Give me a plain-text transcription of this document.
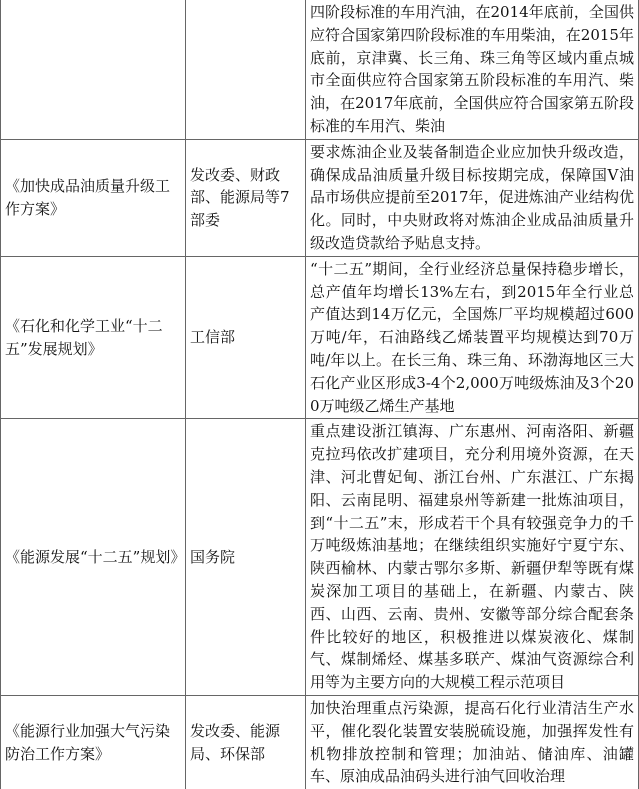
		四阶段标准的车用汽油，在2014年底前，全国供应符合国家第四阶段标准的车用柴油，在2015年底前，京津冀、长三角、珠三角等区域内重点城市全面供应符合国家第五阶段标准的车用汽、柴油，在2017年底前，全国供应符合国家第五阶段标准的车用汽、柴油
《加快成品油质量升级工作方案》	发改委、财政部、能源局等7部委	要求炼油企业及装备制造企业应加快升级改造，确保成品油质量升级目标按期完成，保障国Ⅴ油品市场供应提前至2017年，促进炼油产业结构优化。同时，中央财政将对炼油企业成品油质量升级改造贷款给予贴息支持。
《石化和化学工业“十二五”发展规划》	工信部	“十二五”期间，全行业经济总量保持稳步增长，总产值年均增长13%左右，到2015年全行业总产值达到14万亿元，全国炼厂平均规模超过600万吨/年，石油路线乙烯装置平均规模达到70万吨/年以上。在长三角、珠三角、环渤海地区三大石化产业区形成3-4个2,000万吨级炼油及3个200万吨级乙烯生产基地
《能源发展“十二五”规划》	国务院	重点建设浙江镇海、广东惠州、河南洛阳、新疆克拉玛依改扩建项目，充分利用境外资源，在天津、河北曹妃甸、浙江台州、广东湛江、广东揭阳、云南昆明、福建泉州等新建一批炼油项目，到“十二五”末，形成若干个具有较强竞争力的千万吨级炼油基地；在继续组织实施好宁夏宁东、陕西榆林、内蒙古鄂尔多斯、新疆伊犁等既有煤炭深加工项目的基础上，在新疆、内蒙古、陕西、山西、云南、贵州、安徽等部分综合配套条件比较好的地区，积极推进以煤炭液化、煤制气、煤制烯烃、煤基多联产、煤油气资源综合利用等为主要方向的大规模工程示范项目
《能源行业加强大气污染防治工作方案》	发改委、能源局、环保部	加快治理重点污染源，提高石化行业清洁生产水平，催化裂化装置安装脱硫设施，加强挥发性有机物排放控制和管理；加油站、储油库、油罐车、原油成品油码头进行油气回收治理
